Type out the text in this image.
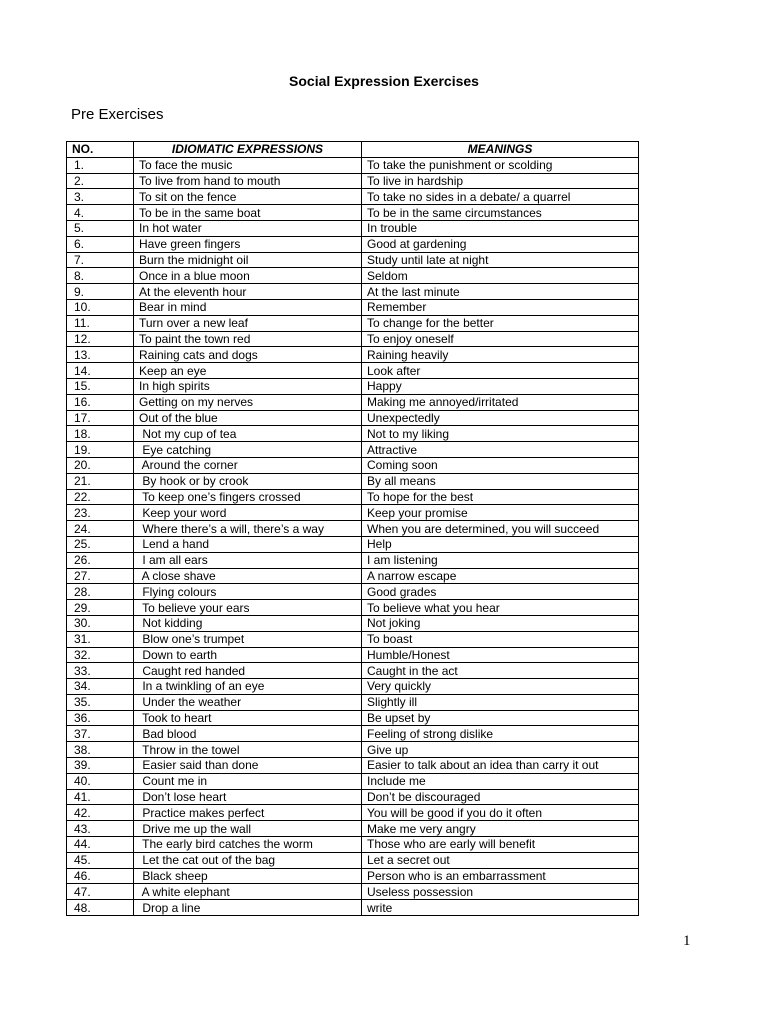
Social Expression Exercises
Pre Exercises
NO.	IDIOMATIC EXPRESSIONS	MEANINGS
1.	To face the music	To take the punishment or scolding
2.	To live from hand to mouth	To live in hardship
3.	To sit on the fence	To take no sides in a debate/ a quarrel
4.	To be in the same boat	To be in the same circumstances
5.	In hot water	In trouble
6.	Have green fingers	Good at gardening
7.	Burn the midnight oil	Study until late at night
8.	Once in a blue moon	Seldom
9.	At the eleventh hour	At the last minute
10.	Bear in mind	Remember
11.	Turn over a new leaf	To change for the better
12.	To paint the town red	To enjoy oneself
13.	Raining cats and dogs	Raining heavily
14.	Keep an eye	Look after
15.	In high spirits	Happy
16.	Getting on my nerves	Making me annoyed/irritated
17.	Out of the blue	Unexpectedly
18.	Not my cup of tea	Not to my liking
19.	Eye catching	Attractive
20.	Around the corner	Coming soon
21.	By hook or by crook	By all means
22.	To keep one’s fingers crossed	To hope for the best
23.	Keep your word	Keep your promise
24.	Where there’s a will, there’s a way	When you are determined, you will succeed
25.	Lend a hand	Help
26.	I am all ears	I am listening
27.	A close shave	A narrow escape
28.	Flying colours	Good grades
29.	To believe your ears	To believe what you hear
30.	Not kidding	Not joking
31.	Blow one’s trumpet	To boast
32.	Down to earth	Humble/Honest
33.	Caught red handed	Caught in the act
34.	In a twinkling of an eye	Very quickly
35.	Under the weather	Slightly ill
36.	Took to heart	Be upset by
37.	Bad blood	Feeling of strong dislike
38.	Throw in the towel	Give up
39.	Easier said than done	Easier to talk about an idea than carry it out
40.	Count me in	Include me
41.	Don’t lose heart	Don’t be discouraged
42.	Practice makes perfect	You will be good if you do it often
43.	Drive me up the wall	Make me very angry
44.	The early bird catches the worm	Those who are early will benefit
45.	Let the cat out of the bag	Let a secret out
46.	Black sheep	Person who is an embarrassment
47.	A white elephant	Useless possession
48.	Drop a line	write
1
